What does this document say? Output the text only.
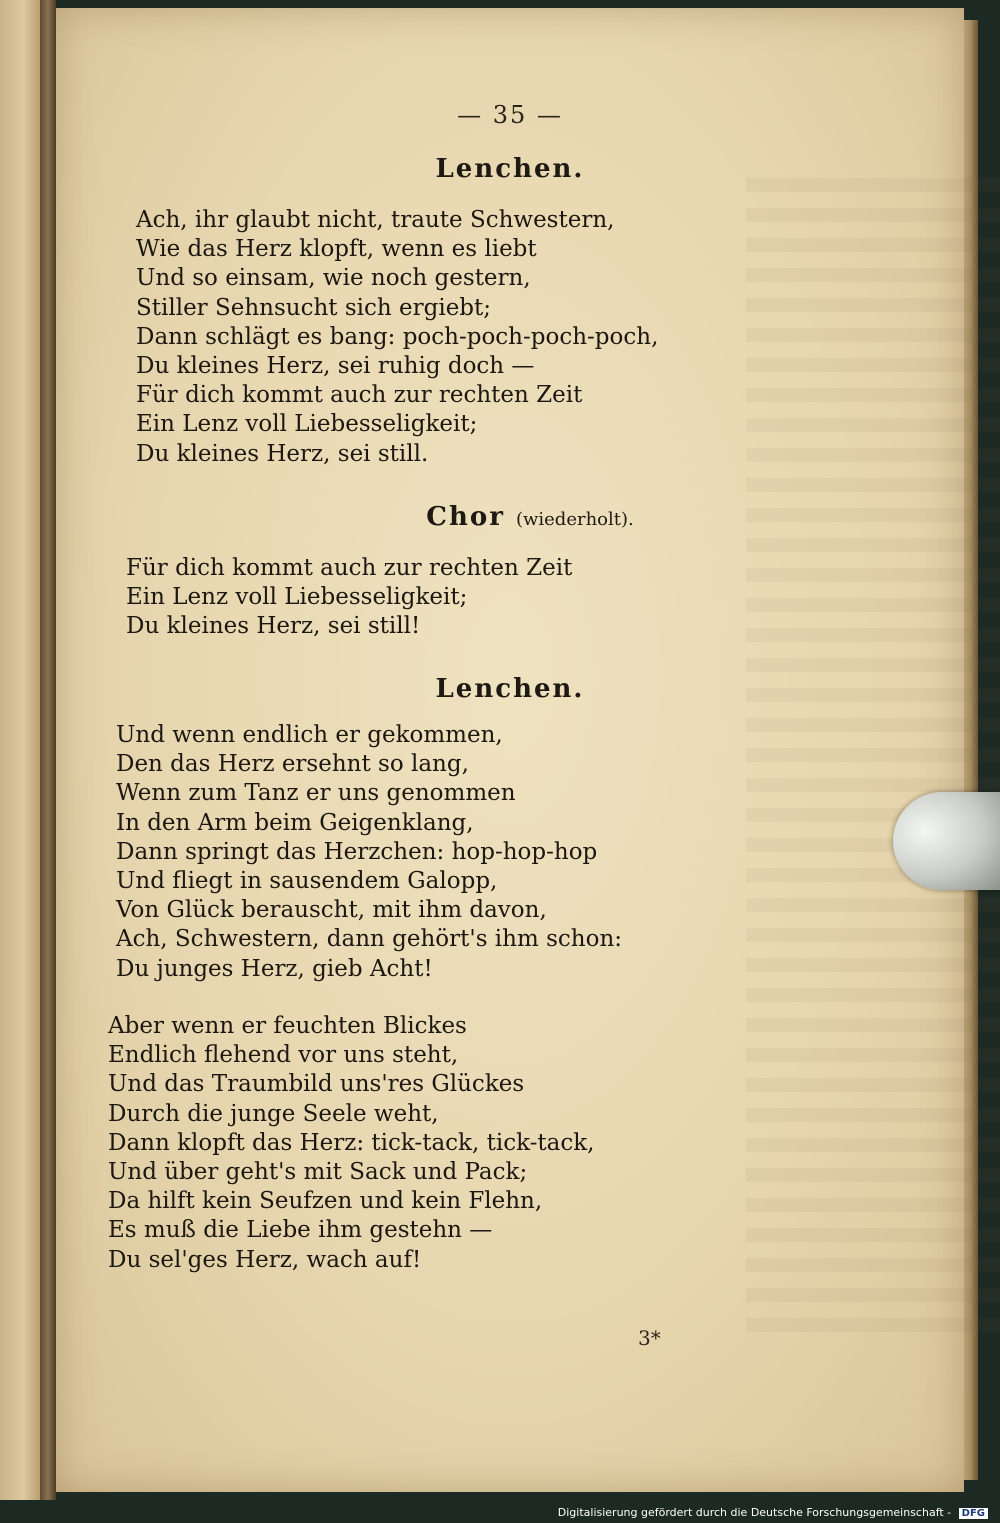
— 35 —
Lenchen.
Ach, ihr glaubt nicht, traute Schwestern,
Wie das Herz klopft, wenn es liebt
Und so einsam, wie noch gestern,
Stiller Sehnsucht sich ergiebt;
Dann schlägt es bang: poch-poch-poch-poch,
Du kleines Herz, sei ruhig doch —
Für dich kommt auch zur rechten Zeit
Ein Lenz voll Liebesseligkeit;
Du kleines Herz, sei still.
Chor (wiederholt).
Für dich kommt auch zur rechten Zeit
Ein Lenz voll Liebesseligkeit;
Du kleines Herz, sei still!
Lenchen.
Und wenn endlich er gekommen,
Den das Herz ersehnt so lang,
Wenn zum Tanz er uns genommen
In den Arm beim Geigenklang,
Dann springt das Herzchen: hop-hop-hop
Und fliegt in sausendem Galopp,
Von Glück berauscht, mit ihm davon,
Ach, Schwestern, dann gehört's ihm schon:
Du junges Herz, gieb Acht!
Aber wenn er feuchten Blickes
Endlich flehend vor uns steht,
Und das Traumbild uns'res Glückes
Durch die junge Seele weht,
Dann klopft das Herz: tick-tack, tick-tack,
Und über geht's mit Sack und Pack;
Da hilft kein Seufzen und kein Flehn,
Es muß die Liebe ihm gestehn —
Du sel'ges Herz, wach auf!
3*
Digitalisierung gefördert durch die Deutsche Forschungsgemeinschaft - DFG
